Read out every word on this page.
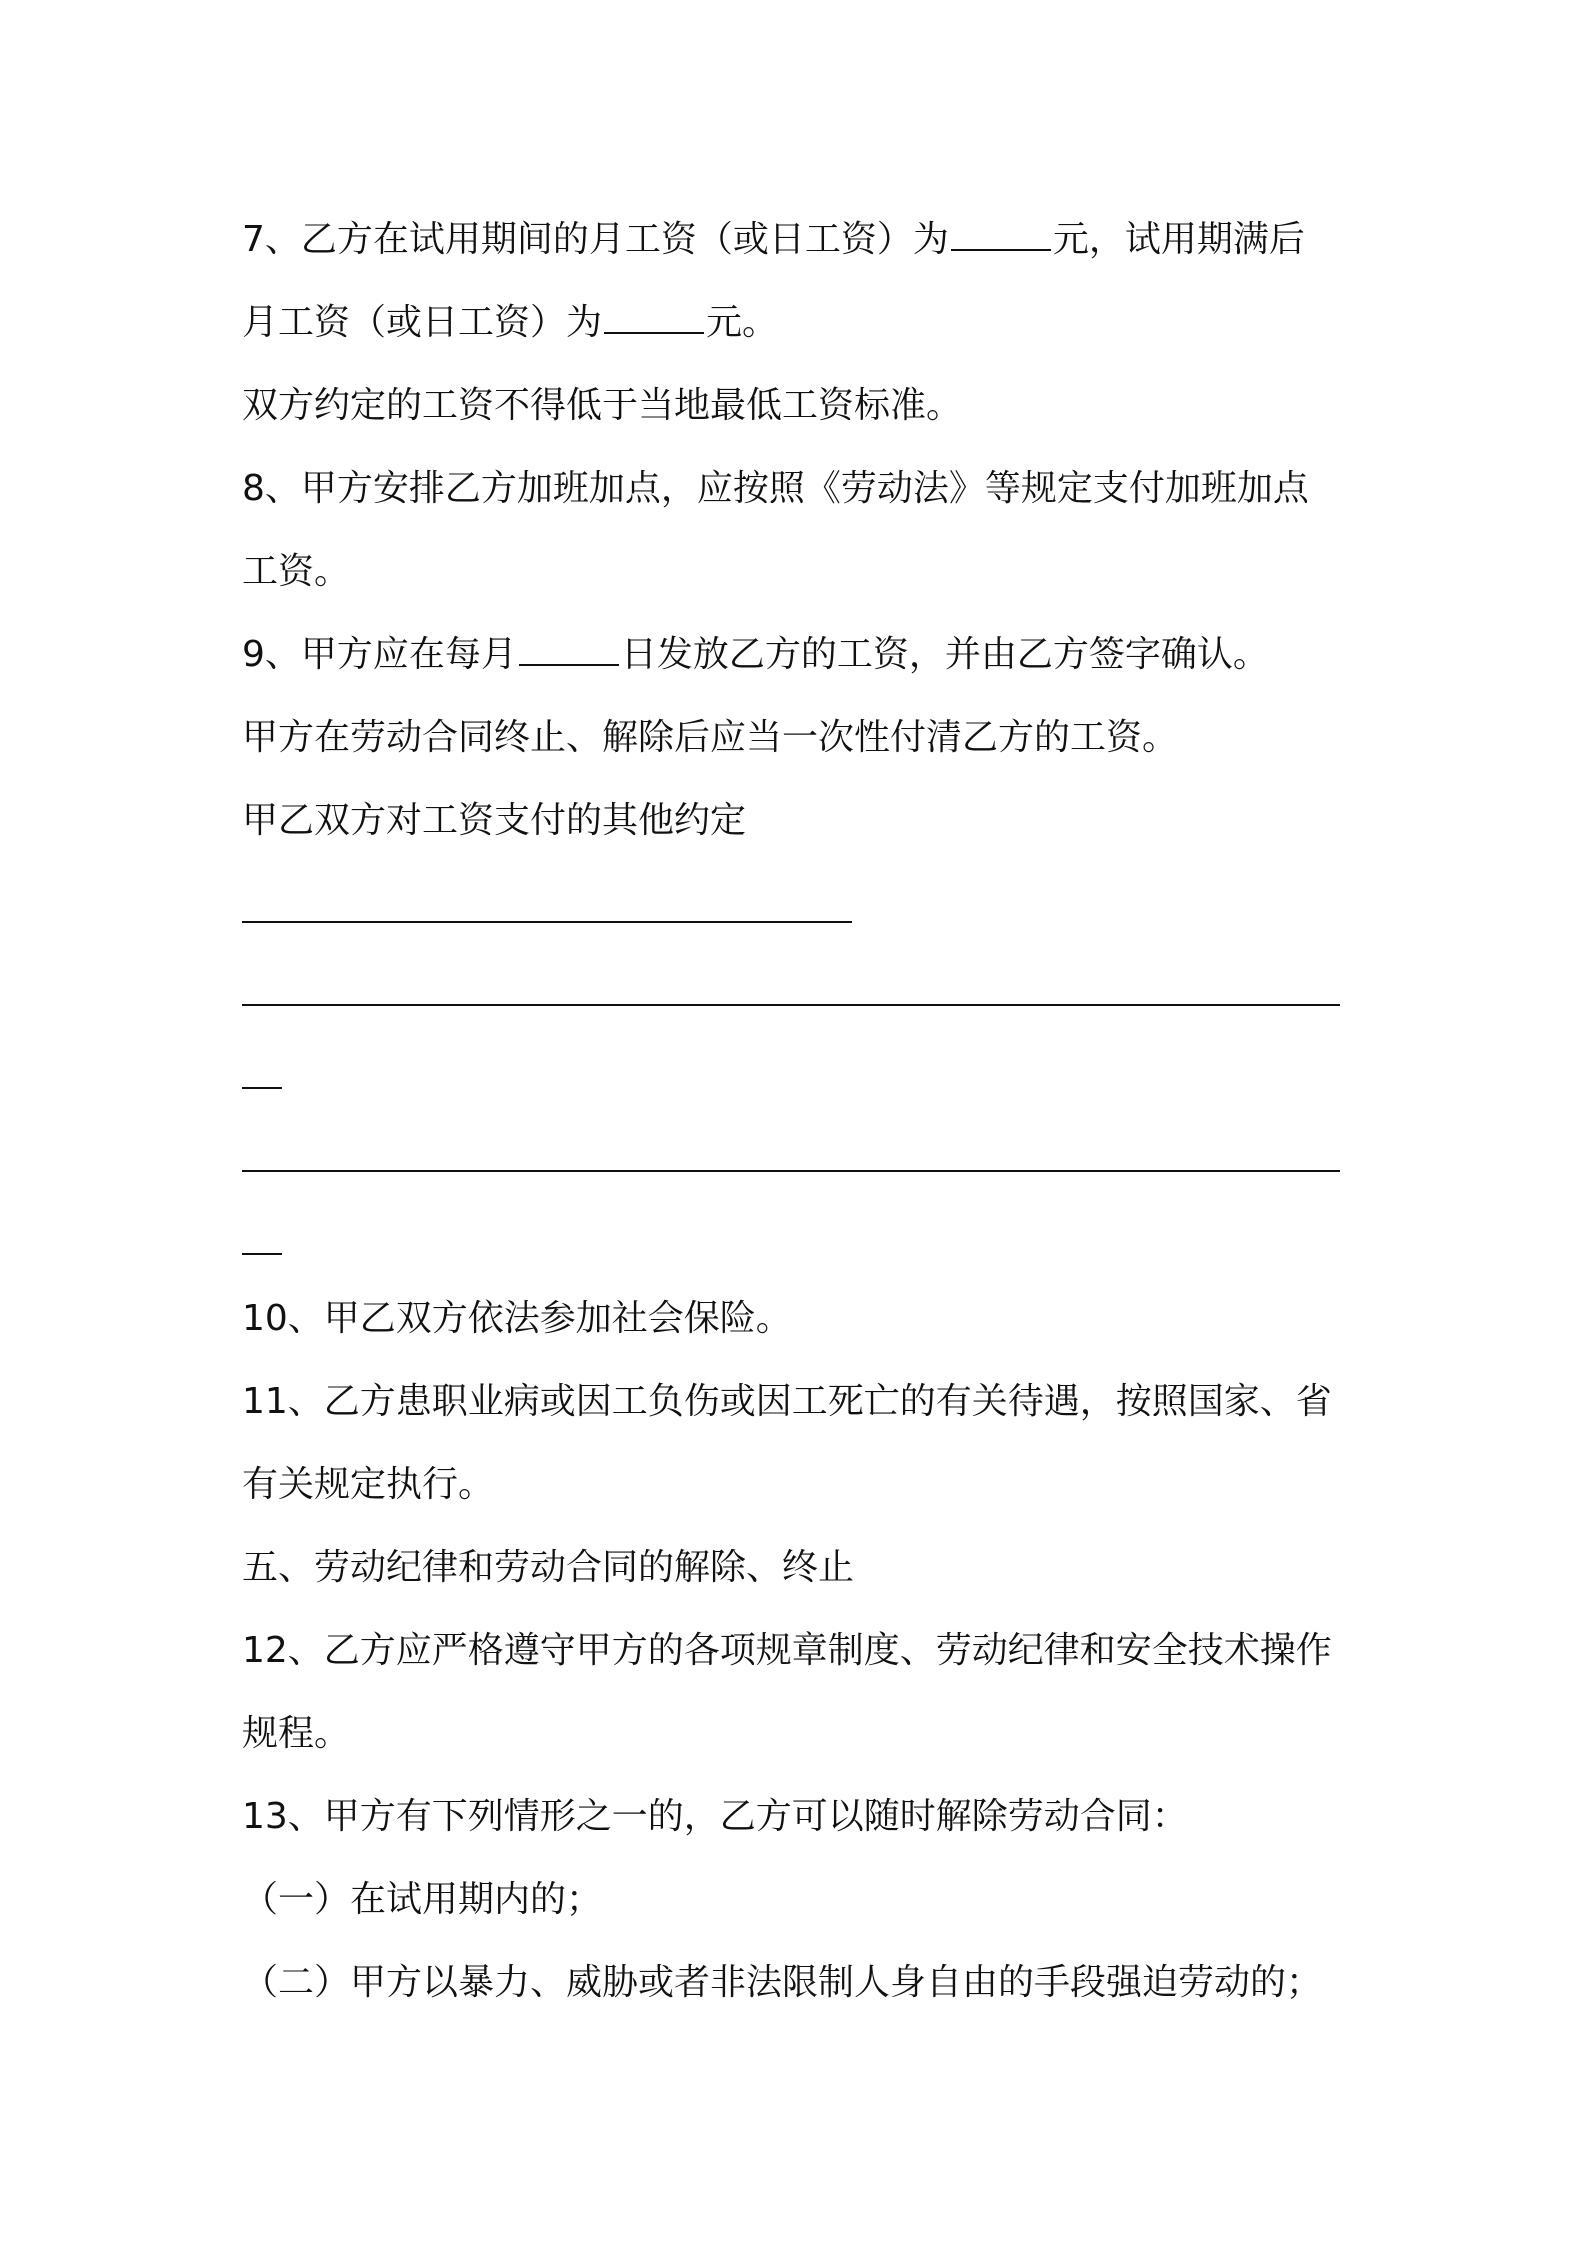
7、乙方在试用期间的月工资（或日工资）为	元，试用期满后
月工资（或日工资）为	元。
双方约定的工资不得低于当地最低工资标准。
8、甲方安排乙方加班加点，应按照《劳动法》等规定支付加班加点
工资。
9、甲方应在每月	日发放乙方的工资，并由乙方签字确认。
甲方在劳动合同终止、解除后应当一次性付清乙方的工资。
甲乙双方对工资支付的其他约定
10、甲乙双方依法参加社会保险。
11、乙方患职业病或因工负伤或因工死亡的有关待遇，按照国家、省
有关规定执行。
五、劳动纪律和劳动合同的解除、终止
12、乙方应严格遵守甲方的各项规章制度、劳动纪律和安全技术操作
规程。
13、甲方有下列情形之一的，乙方可以随时解除劳动合同：
（一）在试用期内的；
（二）甲方以暴力、威胁或者非法限制人身自由的手段强迫劳动的；
